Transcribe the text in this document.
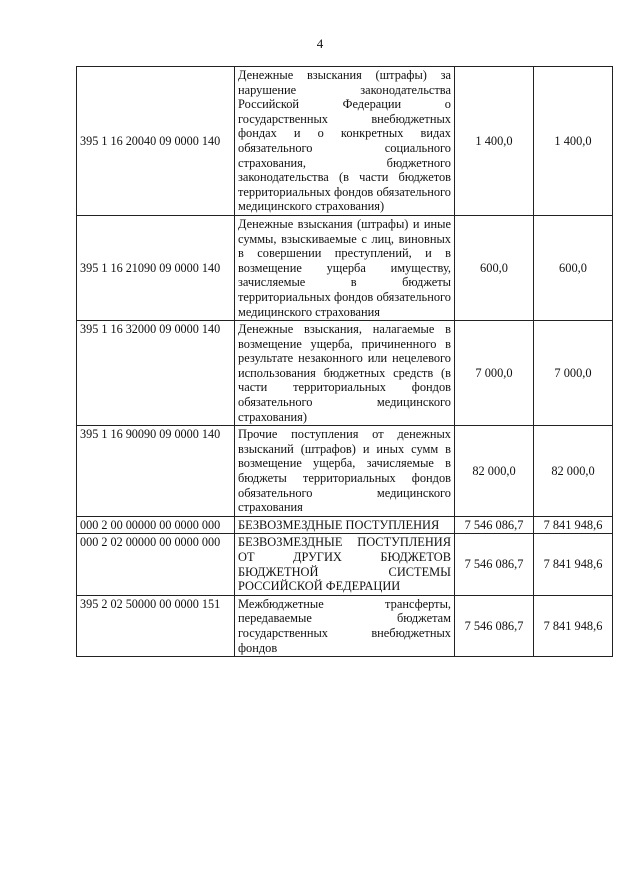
4
395 1 16 20040 09 0000 140	Денежные взыскания (штрафы) за нарушение законодательства Российской Федерации о государственных внебюджетных фондах и о конкретных видах обязательного социального страхования, бюджетного законодательства (в части бюджетов территориальных фондов обязательного медицинского страхования)	1 400,0	1 400,0
395 1 16 21090 09 0000 140	Денежные взыскания (штрафы) и иные суммы, взыскиваемые с лиц, виновных в совершении преступлений, и в возмещение ущерба имуществу, зачисляемые в бюджеты территориальных фондов обязательного медицинского страхования	600,0	600,0
395 1 16 32000 09 0000 140	Денежные взыскания, налагаемые в возмещение ущерба, причиненного в результате незаконного или нецелевого использования бюджетных средств (в части территориальных фондов обязательного медицинского страхования)	7 000,0	7 000,0
395 1 16 90090 09 0000 140	Прочие поступления от денежных взысканий (штрафов) и иных сумм в возмещение ущерба, зачисляемые в бюджеты территориальных фондов обязательного медицинского страхования	82 000,0	82 000,0
000 2 00 00000 00 0000 000	БЕЗВОЗМЕЗДНЫЕ ПОСТУПЛЕНИЯ	7 546 086,7	7 841 948,6
000 2 02 00000 00 0000 000	БЕЗВОЗМЕЗДНЫЕ ПОСТУПЛЕНИЯ ОТ ДРУГИХ БЮДЖЕТОВ БЮДЖЕТНОЙ СИСТЕМЫ РОССИЙСКОЙ ФЕДЕРАЦИИ	7 546 086,7	7 841 948,6
395 2 02 50000 00 0000 151	Межбюджетные трансферты, передаваемые бюджетам государственных внебюджетных фондов	7 546 086,7	7 841 948,6
